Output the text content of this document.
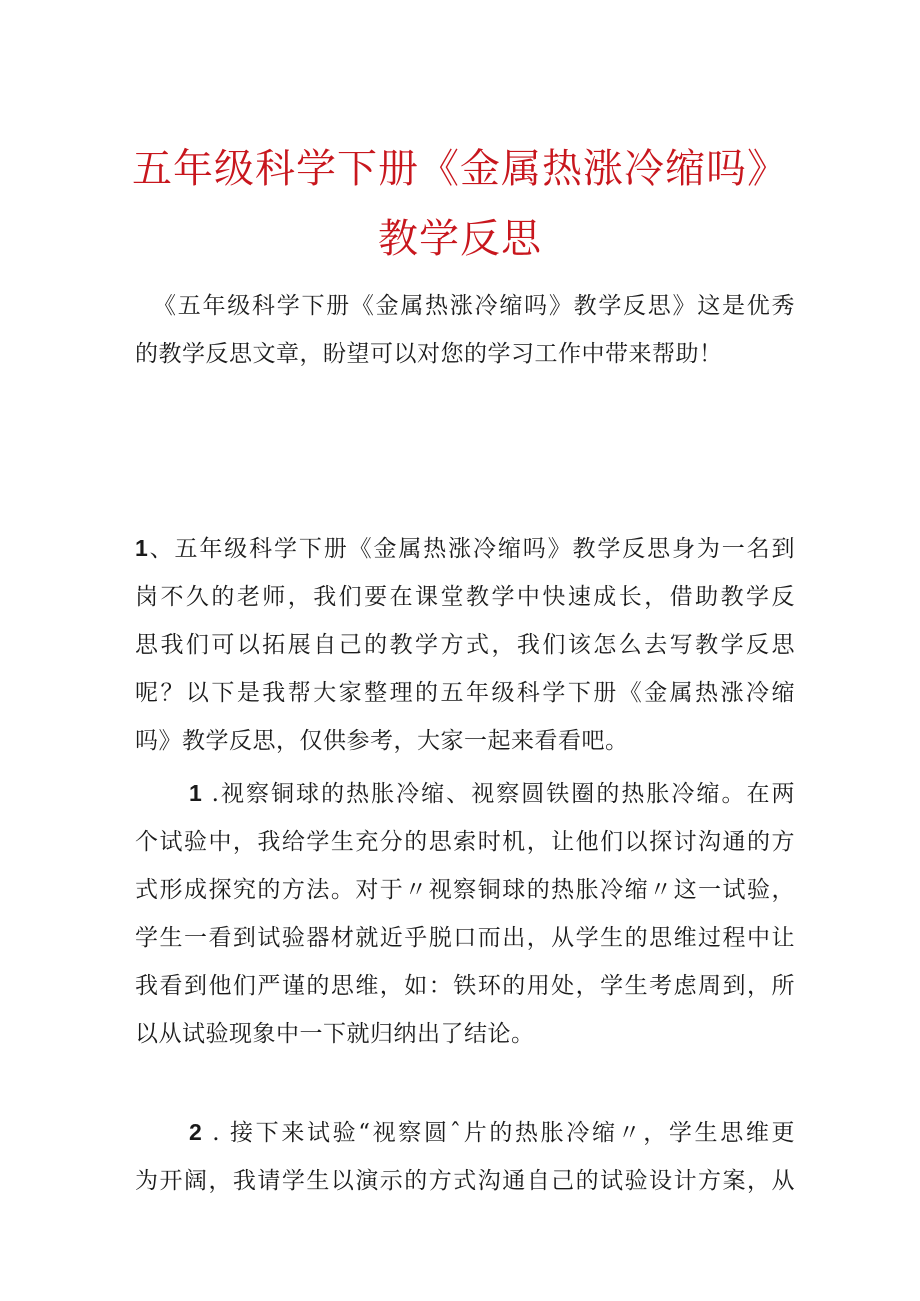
五年级科学下册《金属热涨冷缩吗》
教学反思

《五年级科学下册《金属热涨冷缩吗》教学反思》这是优秀
的教学反思文章，盼望可以对您的学习工作中带来帮助！

1、五年级科学下册《金属热涨冷缩吗》教学反思身为一名到
岗不久的老师，我们要在课堂教学中快速成长，借助教学反
思我们可以拓展自己的教学方式，我们该怎么去写教学反思
呢？以下是我帮大家整理的五年级科学下册《金属热涨冷缩
吗》教学反思，仅供参考，大家一起来看看吧。

1 .视察铜球的热胀冷缩、视察圆铁圈的热胀冷缩。在两
个试验中，我给学生充分的思索时机，让他们以探讨沟通的方
式形成探究的方法。对于〃视察铜球的热胀冷缩〃这一试验，
学生一看到试验器材就近乎脱口而出，从学生的思维过程中让
我看到他们严谨的思维，如：铁环的用处，学生考虑周到，所
以从试验现象中一下就归纳出了结论。

2 . 接下来试验“视察圆ˆ片的热胀冷缩〃，学生思维更
为开阔，我请学生以演示的方式沟通自己的试验设计方案，从
